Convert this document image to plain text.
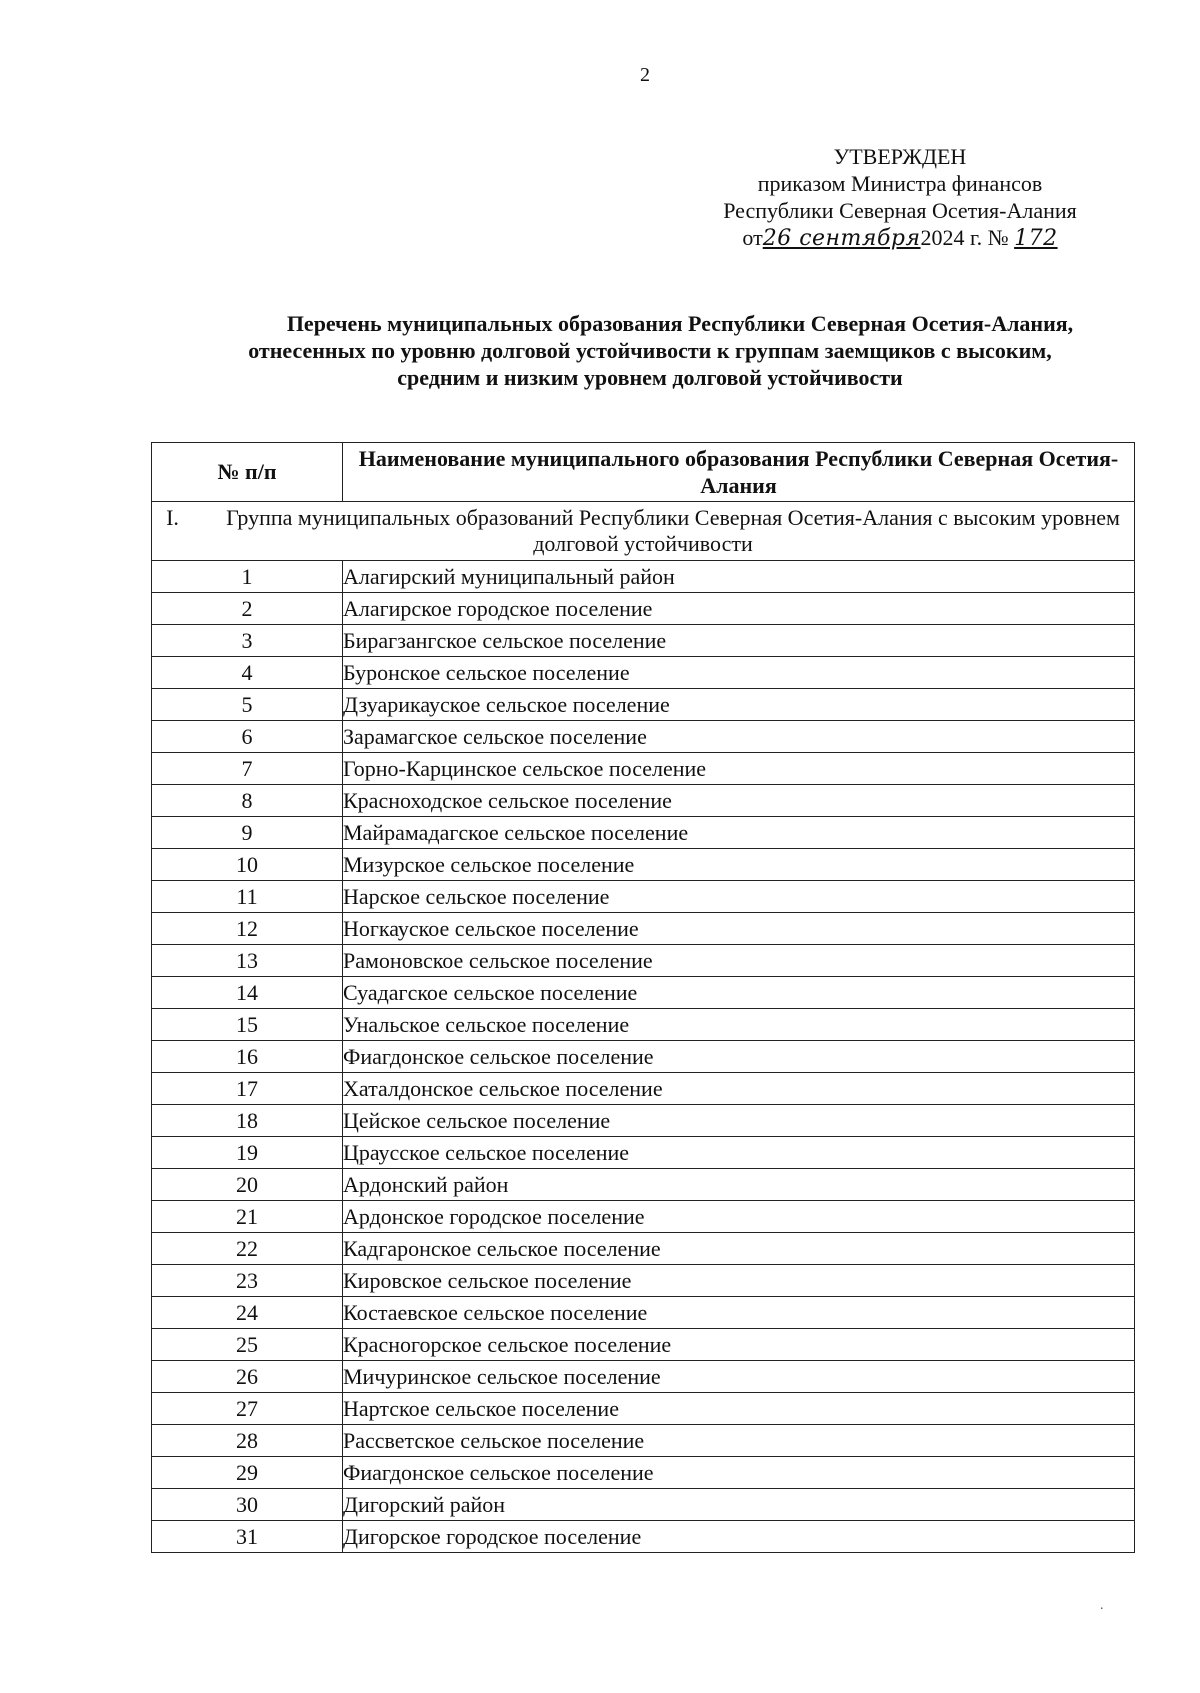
2
УТВЕРЖДЕН
приказом Министра финансов
Республики Северная Осетия-Алания
от26 сентября2024 г. № 172
Перечень муниципальных образования Республики Северная Осетия-Алания,
отнесенных по уровню долговой устойчивости к группам заемщиков с высоким,
средним и низким уровнем долговой устойчивости
№ п/п	Наименование муниципального образования Республики Северная Осетия-Алания
I. Группа муниципальных образований Республики Северная Осетия-Алания с высоким уровнем долговой устойчивости	
1	Алагирский муниципальный район
2	Алагирское городское поселение
3	Бирагзангское сельское поселение
4	Буронское сельское поселение
5	Дзуарикауское сельское поселение
6	Зарамагское сельское поселение
7	Горно-Карцинское сельское поселение
8	Красноходское сельское поселение
9	Майрамадагское сельское поселение
10	Мизурское сельское поселение
11	Нарское сельское поселение
12	Ногкауское сельское поселение
13	Рамоновское сельское поселение
14	Суадагское сельское поселение
15	Унальское сельское поселение
16	Фиагдонское сельское поселение
17	Хаталдонское сельское поселение
18	Цейское сельское поселение
19	Цраусское сельское поселение
20	Ардонский район
21	Ардонское городское поселение
22	Кадгаронское сельское поселение
23	Кировское сельское поселение
24	Костаевское сельское поселение
25	Красногорское сельское поселение
26	Мичуринское сельское поселение
27	Нартское сельское поселение
28	Рассветское сельское поселение
29	Фиагдонское сельское поселение
30	Дигорский район
31	Дигорское городское поселение
.
